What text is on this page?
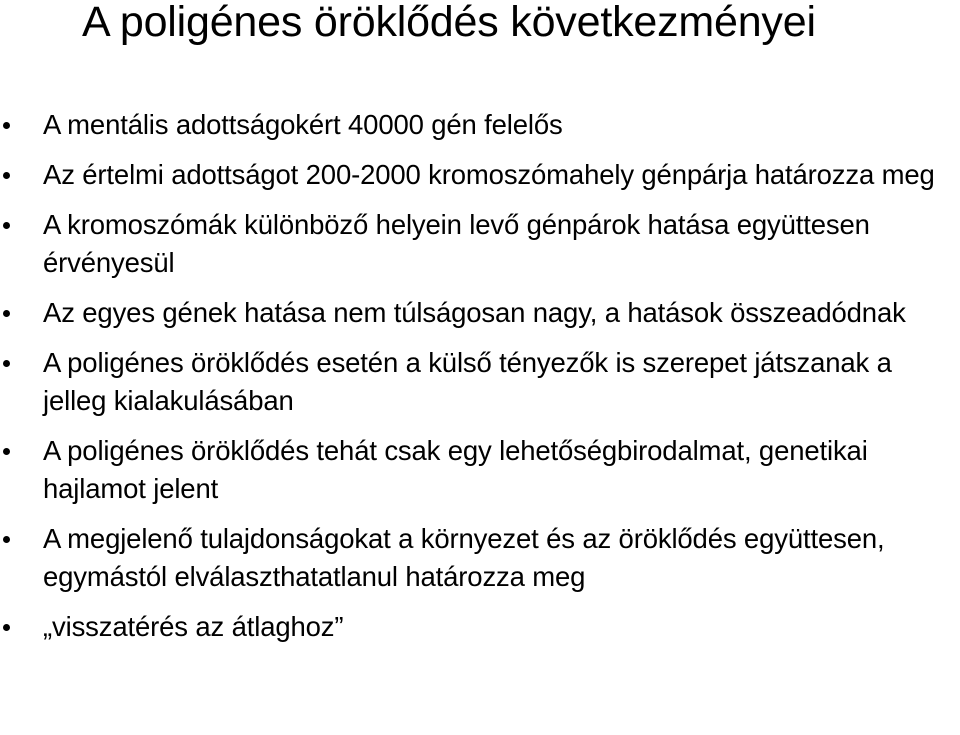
A poligénes öröklődés következményei
A mentális adottságokért 40000 gén felelős
Az értelmi adottságot 200-2000 kromoszómahely génpárja határozza meg
A kromoszómák különböző helyein levő génpárok hatása együttesen érvényesül
Az egyes gének hatása nem túlságosan nagy, a hatások összeadódnak
A poligénes öröklődés esetén a külső tényezők is szerepet játszanak a jelleg kialakulásában
A poligénes öröklődés tehát csak egy lehetőségbirodalmat, genetikai hajlamot jelent
A megjelenő tulajdonságokat a környezet és az öröklődés együttesen, egymástól elválaszthatatlanul határozza meg
„visszatérés az átlaghoz”
